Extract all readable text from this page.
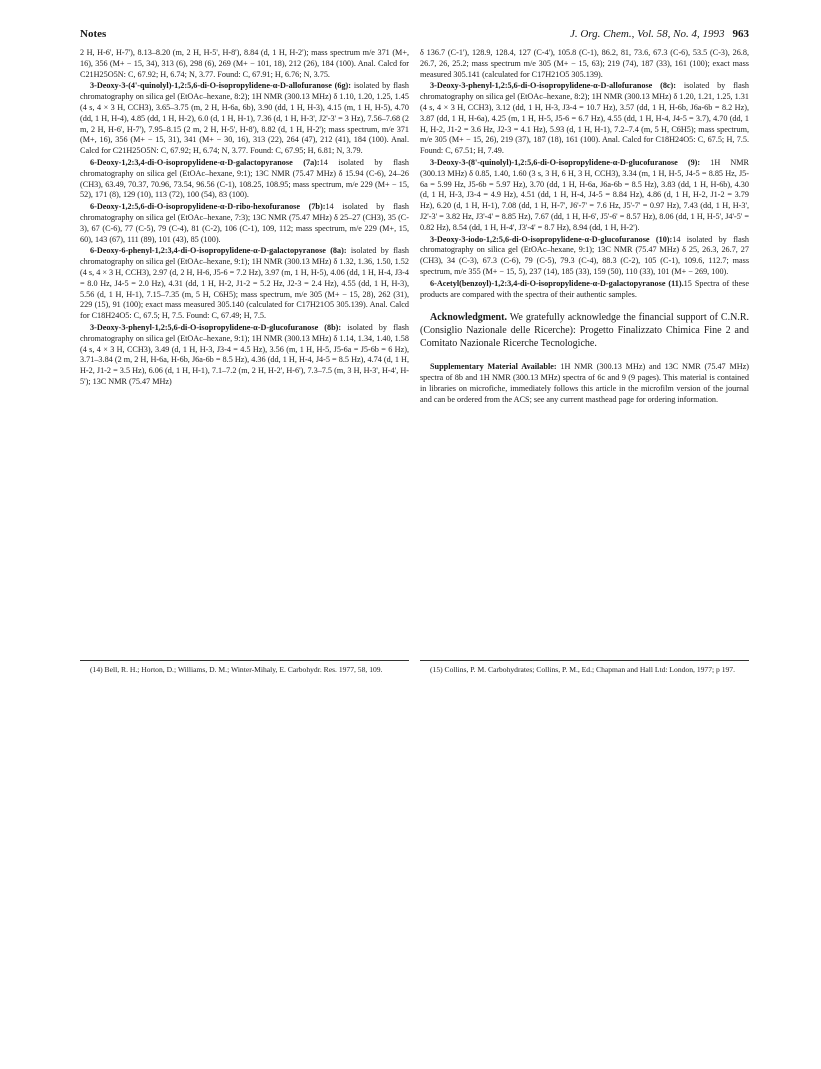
Notes	J. Org. Chem., Vol. 58, No. 4, 1993 963

2 H, H-6', H-7'), 8.13–8.20 (m, 2 H, H-5', H-8'), 8.84 (d, 1 H, H-2'); mass spectrum m/e 371 (M+, 16), 356 (M+ − 15, 34), 313 (6), 298 (6), 269 (M+ − 101, 18), 212 (26), 184 (100). Anal. Calcd for C21H25O5N: C, 67.92; H, 6.74; N, 3.77. Found: C, 67.91; H, 6.76; N, 3.75.

3-Deoxy-3-(4'-quinolyl)-1,2:5,6-di-O-isopropylidene-α-D-allofuranose (6g): isolated by flash chromatography on silica gel (EtOAc–hexane, 8:2); 1H NMR (300.13 MHz) δ 1.10, 1.20, 1.25, 1.45 (4 s, 4 × 3 H, CCH3), 3.65–3.75 (m, 2 H, H-6a, 6b), 3.90 (dd, 1 H, H-3), 4.15 (m, 1 H, H-5), 4.70 (dd, 1 H, H-4), 4.85 (dd, 1 H, H-2), 6.0 (d, 1 H, H-1), 7.36 (d, 1 H, H-3', J2'-3' = 3 Hz), 7.56–7.68 (2 m, 2 H, H-6', H-7'), 7.95–8.15 (2 m, 2 H, H-5', H-8'), 8.82 (d, 1 H, H-2'); mass spectrum, m/e 371 (M+, 16), 356 (M+ − 15, 31), 341 (M+ − 30, 16), 313 (22), 264 (47), 212 (41), 184 (100). Anal. Calcd for C21H25O5N: C, 67.92; H, 6.74; N, 3.77. Found: C, 67.95; H, 6.81; N, 3.79.

6-Deoxy-1,2:3,4-di-O-isopropylidene-α-D-galactopyranose (7a):14 isolated by flash chromatography on silica gel (EtOAc–hexane, 9:1); 13C NMR (75.47 MHz) δ 15.94 (C-6), 24–26 (CH3), 63.49, 70.37, 70.96, 73.54, 96.56 (C-1), 108.25, 108.95; mass spectrum, m/e 229 (M+ − 15, 52), 171 (8), 129 (10), 113 (72), 100 (54), 83 (100).

6-Deoxy-1,2:5,6-di-O-isopropylidene-α-D-ribo-hexofuranose (7b):14 isolated by flash chromatography on silica gel (EtOAc–hexane, 7:3); 13C NMR (75.47 MHz) δ 25–27 (CH3), 35 (C-3), 67 (C-6), 77 (C-5), 79 (C-4), 81 (C-2), 106 (C-1), 109, 112; mass spectrum, m/e 229 (M+, 15, 60), 143 (67), 111 (89), 101 (43), 85 (100).

6-Deoxy-6-phenyl-1,2:3,4-di-O-isopropylidene-α-D-galactopyranose (8a): isolated by flash chromatography on silica gel (EtOAc–hexane, 9:1); 1H NMR (300.13 MHz) δ 1.32, 1.36, 1.50, 1.52 (4 s, 4 × 3 H, CCH3), 2.97 (d, 2 H, H-6, J5-6 = 7.2 Hz), 3.97 (m, 1 H, H-5), 4.06 (dd, 1 H, H-4, J3-4 = 8.0 Hz, J4-5 = 2.0 Hz), 4.31 (dd, 1 H, H-2, J1-2 = 5.2 Hz, J2-3 = 2.4 Hz), 4.55 (dd, 1 H, H-3), 5.56 (d, 1 H, H-1), 7.15–7.35 (m, 5 H, C6H5); mass spectrum, m/e 305 (M+ − 15, 28), 262 (31), 229 (15), 91 (100); exact mass measured 305.140 (calculated for C17H21O5 305.139). Anal. Calcd for C18H24O5: C, 67.5; H, 7.5. Found: C, 67.49; H, 7.5.

3-Deoxy-3-phenyl-1,2:5,6-di-O-isopropylidene-α-D-glucofuranose (8b): isolated by flash chromatography on silica gel (EtOAc–hexane, 9:1); 1H NMR (300.13 MHz) δ 1.14, 1.34, 1.40, 1.58 (4 s, 4 × 3 H, CCH3), 3.49 (d, 1 H, H-3, J3-4 = 4.5 Hz), 3.56 (m, 1 H, H-5, J5-6a = J5-6b = 6 Hz), 3.71–3.84 (2 m, 2 H, H-6a, H-6b, J6a-6b = 8.5 Hz), 4.36 (dd, 1 H, H-4, J4-5 = 8.5 Hz), 4.74 (d, 1 H, H-2, J1-2 = 3.5 Hz), 6.06 (d, 1 H, H-1), 7.1–7.2 (m, 2 H, H-2', H-6'), 7.3–7.5 (m, 3 H, H-3', H-4', H-5'); 13C NMR (75.47 MHz)

δ 136.7 (C-1'), 128.9, 128.4, 127 (C-4'), 105.8 (C-1), 86.2, 81, 73.6, 67.3 (C-6), 53.5 (C-3), 26.8, 26.7, 26, 25.2; mass spectrum m/e 305 (M+ − 15, 63); 219 (74), 187 (33), 161 (100); exact mass measured 305.141 (calculated for C17H21O5 305.139).

3-Deoxy-3-phenyl-1,2:5,6-di-O-isopropylidene-α-D-allofuranose (8c): isolated by flash chromatography on silica gel (EtOAc–hexane, 8:2); 1H NMR (300.13 MHz) δ 1.20, 1.21, 1.25, 1.31 (4 s, 4 × 3 H, CCH3), 3.12 (dd, 1 H, H-3, J3-4 = 10.7 Hz), 3.57 (dd, 1 H, H-6b, J6a-6b = 8.2 Hz), 3.87 (dd, 1 H, H-6a), 4.25 (m, 1 H, H-5, J5-6 = 6.7 Hz), 4.55 (dd, 1 H, H-4, J4-5 = 3.7), 4.70 (dd, 1 H, H-2, J1-2 = 3.6 Hz, J2-3 = 4.1 Hz), 5.93 (d, 1 H, H-1), 7.2–7.4 (m, 5 H, C6H5); mass spectrum, m/e 305 (M+ − 15, 26), 219 (37), 187 (18), 161 (100). Anal. Calcd for C18H24O5: C, 67.5; H, 7.5. Found: C, 67.51; H, 7.49.

3-Deoxy-3-(8'-quinolyl)-1,2:5,6-di-O-isopropylidene-α-D-glucofuranose (9): 1H NMR (300.13 MHz) δ 0.85, 1.40, 1.60 (3 s, 3 H, 6 H, 3 H, CCH3), 3.34 (m, 1 H, H-5, J4-5 = 8.85 Hz, J5-6a = 5.99 Hz, J5-6b = 5.97 Hz), 3.70 (dd, 1 H, H-6a, J6a-6b = 8.5 Hz), 3.83 (dd, 1 H, H-6b), 4.30 (d, 1 H, H-3, J3-4 = 4.9 Hz), 4.51 (dd, 1 H, H-4, J4-5 = 8.84 Hz), 4.86 (d, 1 H, H-2, J1-2 = 3.79 Hz), 6.20 (d, 1 H, H-1), 7.08 (dd, 1 H, H-7', J6'-7' = 7.6 Hz, J5'-7' = 0.97 Hz), 7.43 (dd, 1 H, H-3', J2'-3' = 3.82 Hz, J3'-4' = 8.85 Hz), 7.67 (dd, 1 H, H-6', J5'-6' = 8.57 Hz), 8.06 (dd, 1 H, H-5', J4'-5' = 0.82 Hz), 8.54 (dd, 1 H, H-4', J3'-4' = 8.7 Hz), 8.94 (dd, 1 H, H-2').

3-Deoxy-3-iodo-1,2:5,6-di-O-isopropylidene-α-D-glucofuranose (10):14 isolated by flash chromatography on silica gel (EtOAc–hexane, 9:1); 13C NMR (75.47 MHz) δ 25, 26.3, 26.7, 27 (CH3), 34 (C-3), 67.3 (C-6), 79 (C-5), 79.3 (C-4), 88.3 (C-2), 105 (C-1), 109.6, 112.7; mass spectrum, m/e 355 (M+ − 15, 5), 237 (14), 185 (33), 159 (50), 110 (33), 101 (M+ − 269, 100).

6-Acetyl(benzoyl)-1,2:3,4-di-O-isopropylidene-α-D-galactopyranose (11).15 Spectra of these products are compared with the spectra of their authentic samples.

Acknowledgment. We gratefully acknowledge the financial support of C.N.R. (Consiglio Nazionale delle Ricerche): Progetto Finalizzato Chimica Fine 2 and Comitato Nazionale Ricerche Tecnologiche.

Supplementary Material Available: 1H NMR (300.13 MHz) and 13C NMR (75.47 MHz) spectra of 8b and 1H NMR (300.13 MHz) spectra of 6c and 9 (9 pages). This material is contained in libraries on microfiche, immediately follows this article in the microfilm version of the journal and can be ordered from the ACS; see any current masthead page for ordering information.

(14) Bell, R. H.; Horton, D.; Williams, D. M.; Winter-Mihaly, E. Carbohydr. Res. 1977, 58, 109.	(15) Collins, P. M. Carbohydrates; Collins, P. M., Ed.; Chapman and Hall Ltd: London, 1977; p 197.
